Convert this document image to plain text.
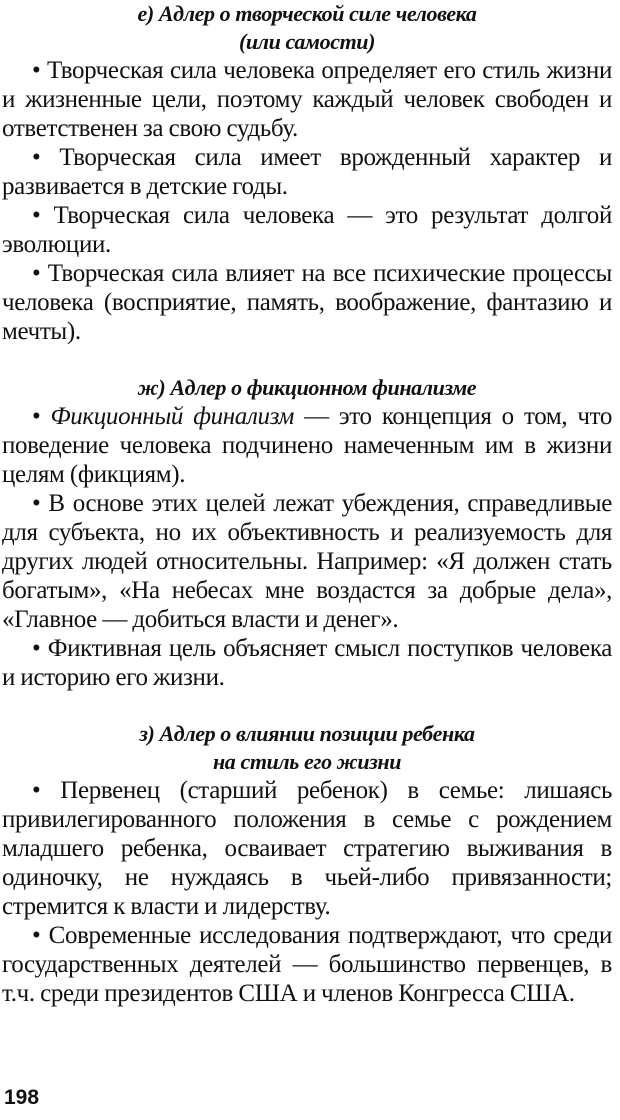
е) Адлер о творческой силе человека
(или самости)

• Творческая сила человека определяет его стиль жизни и жизненные цели, поэтому каждый человек свободен и ответственен за свою судьбу.

• Творческая сила имеет врожденный характер и развивается в детские годы.

• Творческая сила человека — это результат долгой эволюции.

• Творческая сила влияет на все психические процессы человека (восприятие, память, воображение, фантазию и мечты).

ж) Адлер о фикционном финализме

• Фикционный финализм — это концепция о том, что поведение человека подчинено намеченным им в жизни целям (фикциям).

• В основе этих целей лежат убеждения, справедливые для субъекта, но их объективность и реализуемость для других людей относительны. Например: «Я должен стать богатым», «На небесах мне воздастся за добрые дела», «Главное — добиться власти и денег».

• Фиктивная цель объясняет смысл поступков человека и историю его жизни.

з) Адлер о влиянии позиции ребенка
на стиль его жизни

• Первенец (старший ребенок) в семье: лишаясь привилегированного положения в семье с рождением младшего ребенка, осваивает стратегию выживания в одиночку, не нуждаясь в чьей-либо привязанности; стремится к власти и лидерству.

• Современные исследования подтверждают, что среди государственных деятелей — большинство первенцев, в т.ч. среди президентов США и членов Конгресса США.

198
